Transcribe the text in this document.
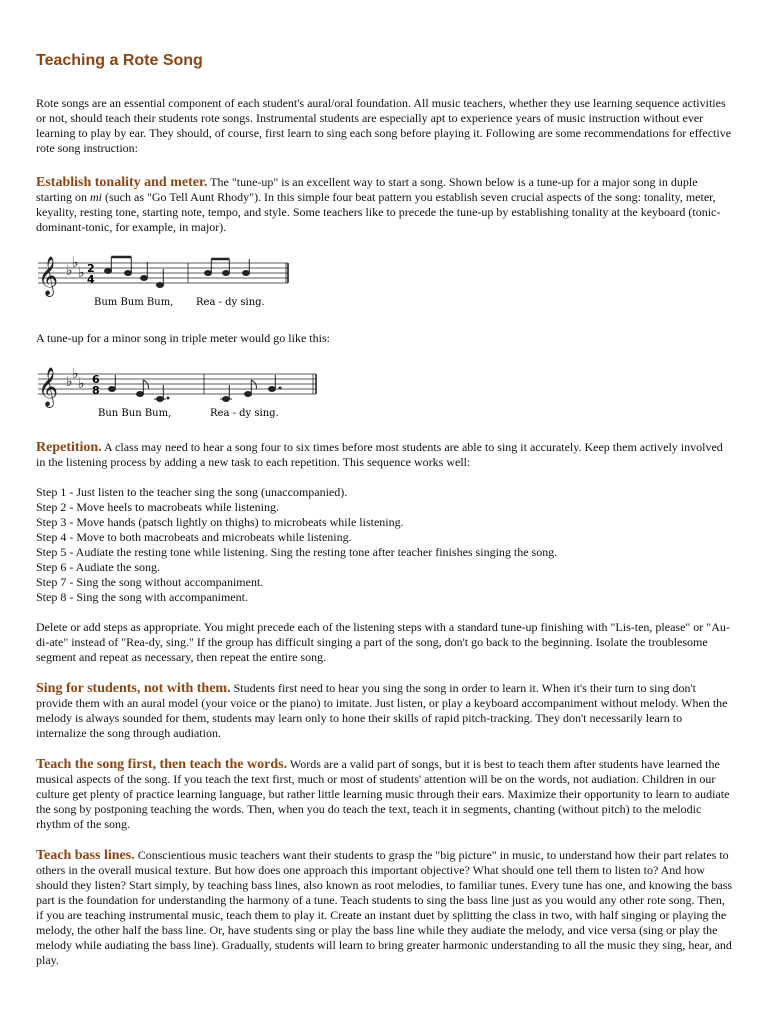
Teaching a Rote Song

Rote songs are an essential component of each student's aural/oral foundation. All music teachers, whether they use learning sequence activities or not, should teach their students rote songs. Instrumental students are especially apt to experience years of music instruction without ever learning to play by ear. They should, of course, first learn to sing each song before playing it. Following are some recommendations for effective rote song instruction:

Establish tonality and meter. The "tune-up" is an excellent way to start a song. Shown below is a tune-up for a major song in duple starting on mi (such as "Go Tell Aunt Rhody"). In this simple four beat pattern you establish seven crucial aspects of the song: tonality, meter, keyality, resting tone, starting note, tempo, and style. Some teachers like to precede the tune-up by establishing tonality at the keyboard (tonic-dominant-tonic, for example, in major).

𝄞 ♭ ♭
♭ 2
4
Bum Bum Bum, Rea - dy sing.

A tune-up for a minor song in triple meter would go like this:

𝄞 ♭ ♭
♭ 6
8
Bun Bun Bum,	Rea - dy sing.

Repetition. A class may need to hear a song four to six times before most students are able to sing it accurately. Keep them actively involved in the listening process by adding a new task to each repetition. This sequence works well:

Step 1 - Just listen to the teacher sing the song (unaccompanied).
Step 2 - Move heels to macrobeats while listening.
Step 3 - Move hands (patsch lightly on thighs) to microbeats while listening.
Step 4 - Move to both macrobeats and microbeats while listening.
Step 5 - Audiate the resting tone while listening. Sing the resting tone after teacher finishes singing the song.
Step 6 - Audiate the song.
Step 7 - Sing the song without accompaniment.
Step 8 - Sing the song with accompaniment.

Delete or add steps as appropriate. You might precede each of the listening steps with a standard tune-up finishing with "Lis-ten, please" or "Au-di-ate" instead of "Rea-dy, sing." If the group has difficult singing a part of the song, don't go back to the beginning. Isolate the troublesome segment and repeat as necessary, then repeat the entire song.

Sing for students, not with them. Students first need to hear you sing the song in order to learn it. When it's their turn to sing don't provide them with an aural model (your voice or the piano) to imitate. Just listen, or play a keyboard accompaniment without melody. When the melody is always sounded for them, students may learn only to hone their skills of rapid pitch-tracking. They don't necessarily learn to internalize the song through audiation.

Teach the song first, then teach the words. Words are a valid part of songs, but it is best to teach them after students have learned the musical aspects of the song. If you teach the text first, much or most of students' attention will be on the words, not audiation. Children in our culture get plenty of practice learning language, but rather little learning music through their ears. Maximize their opportunity to learn to audiate the song by postponing teaching the words. Then, when you do teach the text, teach it in segments, chanting (without pitch) to the melodic rhythm of the song.

Teach bass lines. Conscientious music teachers want their students to grasp the "big picture" in music, to understand how their part relates to others in the overall musical texture. But how does one approach this important objective? What should one tell them to listen to? And how should they listen? Start simply, by teaching bass lines, also known as root melodies, to familiar tunes. Every tune has one, and knowing the bass part is the foundation for understanding the harmony of a tune. Teach students to sing the bass line just as you would any other rote song. Then, if you are teaching instrumental music, teach them to play it. Create an instant duet by splitting the class in two, with half singing or playing the melody, the other half the bass line. Or, have students sing or play the bass line while they audiate the melody, and vice versa (sing or play the melody while audiating the bass line). Gradually, students will learn to bring greater harmonic understanding to all the music they sing, hear, and play.
